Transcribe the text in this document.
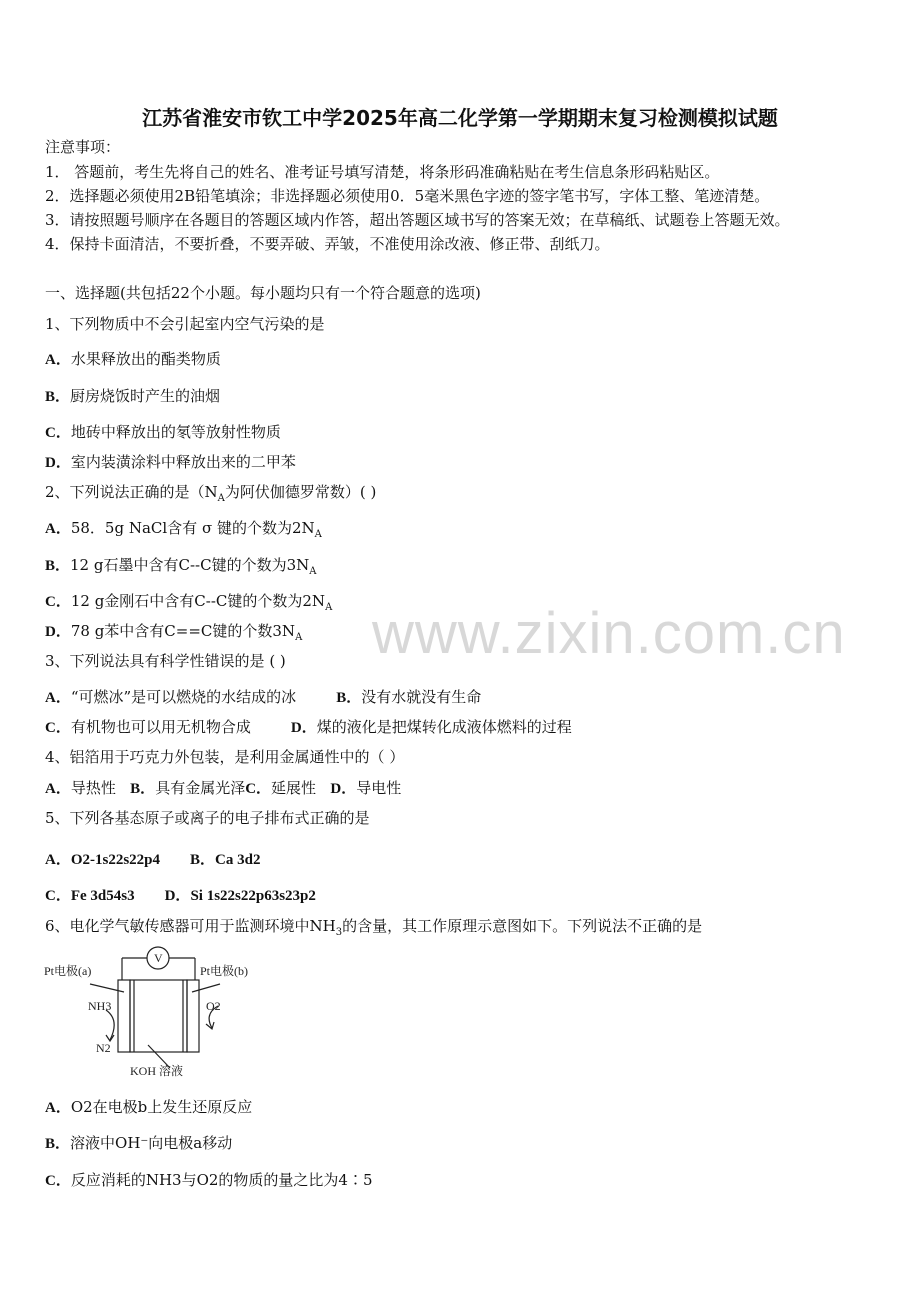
www.zixin.com.cn
江苏省淮安市钦工中学2025年高二化学第一学期期末复习检测模拟试题
注意事项：
1． 答题前，考生先将自己的姓名、准考证号填写清楚，将条形码准确粘贴在考生信息条形码粘贴区。
2．选择题必须使用2B铅笔填涂；非选择题必须使用0．5毫米黑色字迹的签字笔书写，字体工整、笔迹清楚。
3．请按照题号顺序在各题目的答题区域内作答，超出答题区域书写的答案无效；在草稿纸、试题卷上答题无效。
4．保持卡面清洁，不要折叠，不要弄破、弄皱，不准使用涂改液、修正带、刮纸刀。
一、选择题(共包括22个小题。每小题均只有一个符合题意的选项)
1、下列物质中不会引起室内空气污染的是
A．水果释放出的酯类物质
B．厨房烧饭时产生的油烟
C．地砖中释放出的氡等放射性物质
D．室内装潢涂料中释放出来的二甲苯
2、下列说法正确的是（$N_A$为阿伏伽德罗常数）( )
A．58．5g NaCl含有 σ 键的个数为$2N_A$
B．12 g石墨中含有C--C键的个数为$3N_A$
C．12 g金刚石中含有C--C键的个数为$2N_A$
D．78 g苯中含有C==C键的个数$3N_A$
3、下列说法具有科学性错误的是 ( )
A．“可燃冰”是可以燃烧的水结成的冰	B．没有水就没有生命
C．有机物也可以用无机物合成	D．煤的液化是把煤转化成液体燃料的过程
4、铝箔用于巧克力外包装，是利用金属通性中的（ ）
A．导热性 B．具有金属光泽C．延展性 D．导电性
5、下列各基态原子或离子的电子排布式正确的是
A．O2-1s22s22p4 B．Ca 3d2
C．Fe 3d54s3 D．Si 1s22s22p63s23p2
6、电化学气敏传感器可用于监测环境中$NH_3$的含量，其工作原理示意图如下。下列说法不正确的是
V
Pt电极(a)	Pt电极(b)
NH3
N2
O2
KOH 溶液
A．O2在电极b上发生还原反应
B．溶液中OH⁻向电极a移动
C．反应消耗的NH3与O2的物质的量之比为4∶5
